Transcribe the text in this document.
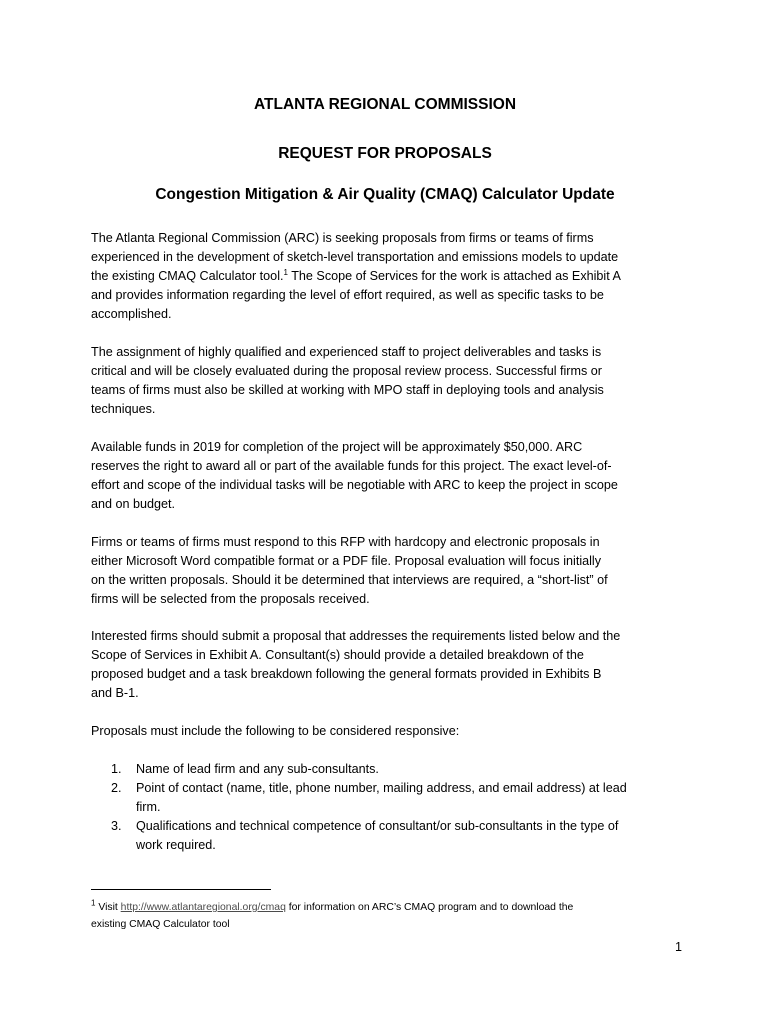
ATLANTA REGIONAL COMMISSION
REQUEST FOR PROPOSALS
Congestion Mitigation & Air Quality (CMAQ) Calculator Update

The Atlanta Regional Commission (ARC) is seeking proposals from firms or teams of firms
experienced in the development of sketch-level transportation and emissions models to update
the existing CMAQ Calculator tool.$^1$ The Scope of Services for the work is attached as Exhibit A
and provides information regarding the level of effort required, as well as specific tasks to be
accomplished.

The assignment of highly qualified and experienced staff to project deliverables and tasks is
critical and will be closely evaluated during the proposal review process. Successful firms or
teams of firms must also be skilled at working with MPO staff in deploying tools and analysis
techniques.

Available funds in 2019 for completion of the project will be approximately $50,000. ARC
reserves the right to award all or part of the available funds for this project. The exact level-of-
effort and scope of the individual tasks will be negotiable with ARC to keep the project in scope
and on budget.

Firms or teams of firms must respond to this RFP with hardcopy and electronic proposals in
either Microsoft Word compatible format or a PDF file. Proposal evaluation will focus initially
on the written proposals. Should it be determined that interviews are required, a “short-list” of
firms will be selected from the proposals received.

Interested firms should submit a proposal that addresses the requirements listed below and the
Scope of Services in Exhibit A. Consultant(s) should provide a detailed breakdown of the
proposed budget and a task breakdown following the general formats provided in Exhibits B
and B-1.

Proposals must include the following to be considered responsive:

1.	Name of lead firm and any sub-consultants.
2.	Point of contact (name, title, phone number, mailing address, and email address) at lead
firm.
3.	Qualifications and technical competence of consultant/or sub-consultants in the type of
work required.

$^1$ Visit http://www.atlantaregional.org/cmaq for information on ARC’s CMAQ program and to download the
existing CMAQ Calculator tool

1
